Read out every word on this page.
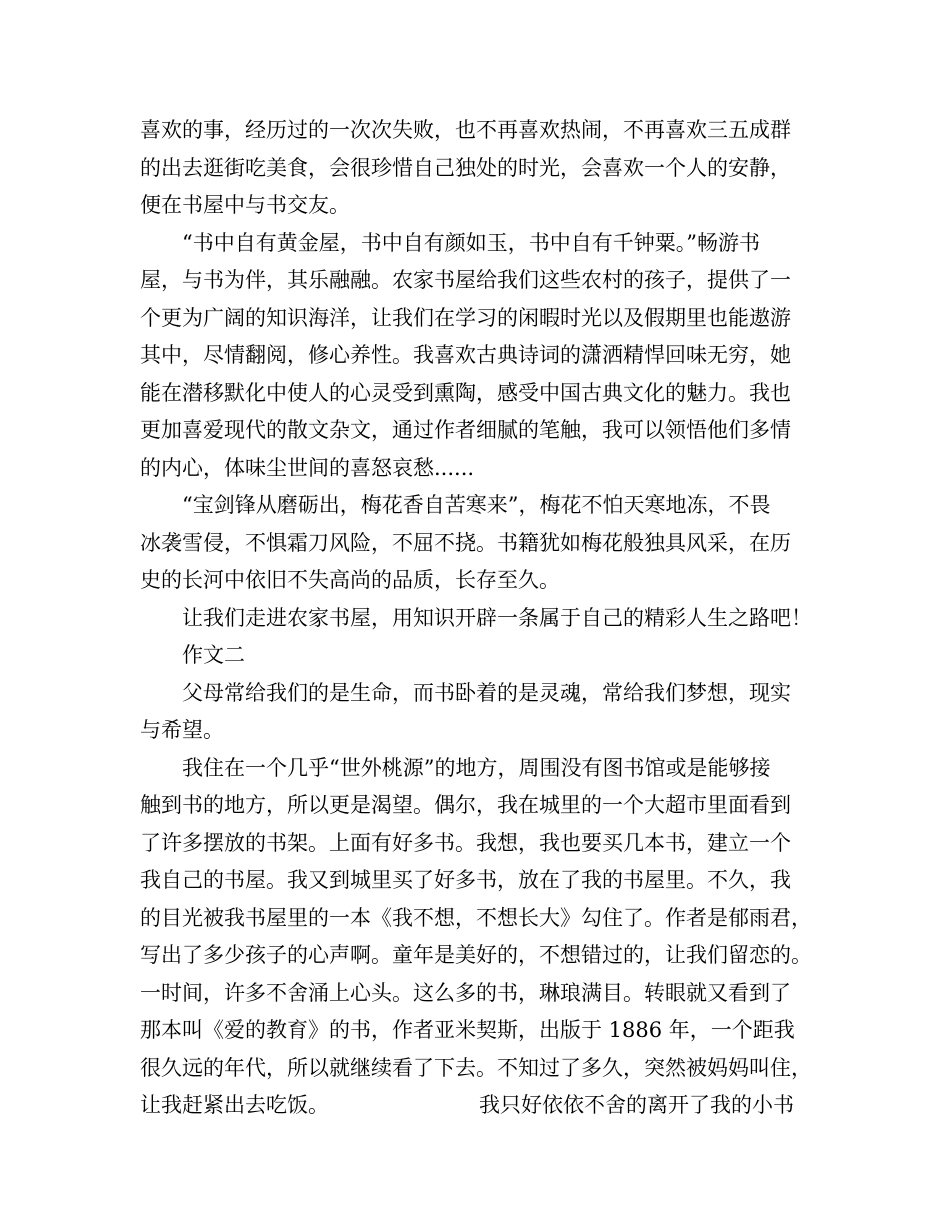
喜欢的事，经历过的一次次失败，也不再喜欢热闹，不再喜欢三五成群
的出去逛街吃美食，会很珍惜自己独处的时光，会喜欢一个人的安静，
便在书屋中与书交友。
“书中自有黄金屋，书中自有颜如玉，书中自有千钟粟。”畅游书
屋，与书为伴，其乐融融。农家书屋给我们这些农村的孩子，提供了一
个更为广阔的知识海洋，让我们在学习的闲暇时光以及假期里也能遨游
其中，尽情翻阅，修心养性。我喜欢古典诗词的潇洒精悍回味无穷，她
能在潜移默化中使人的心灵受到熏陶，感受中国古典文化的魅力。我也
更加喜爱现代的散文杂文，通过作者细腻的笔触，我可以领悟他们多情
的内心，体味尘世间的喜怒哀愁......
“宝剑锋从磨砺出，梅花香自苦寒来”，梅花不怕天寒地冻，不畏
冰袭雪侵，不惧霜刀风险，不屈不挠。书籍犹如梅花般独具风采，在历
史的长河中依旧不失高尚的品质，长存至久。
让我们走进农家书屋，用知识开辟一条属于自己的精彩人生之路吧！
作文二
父母常给我们的是生命，而书卧着的是灵魂，常给我们梦想，现实
与希望。
我住在一个几乎“世外桃源”的地方，周围没有图书馆或是能够接
触到书的地方，所以更是渴望。偶尔，我在城里的一个大超市里面看到
了许多摆放的书架。上面有好多书。我想，我也要买几本书，建立一个
我自己的书屋。我又到城里买了好多书，放在了我的书屋里。不久，我
的目光被我书屋里的一本《我不想，不想长大》勾住了。作者是郁雨君，
写出了多少孩子的心声啊。童年是美好的，不想错过的，让我们留恋的。
一时间，许多不舍涌上心头。这么多的书，琳琅满目。转眼就又看到了
那本叫《爱的教育》的书，作者亚米契斯，出版于 1886 年，一个距我
很久远的年代，所以就继续看了下去。不知过了多久，突然被妈妈叫住，
让我赶紧出去吃饭。	我只好依依不舍的离开了我的小书
